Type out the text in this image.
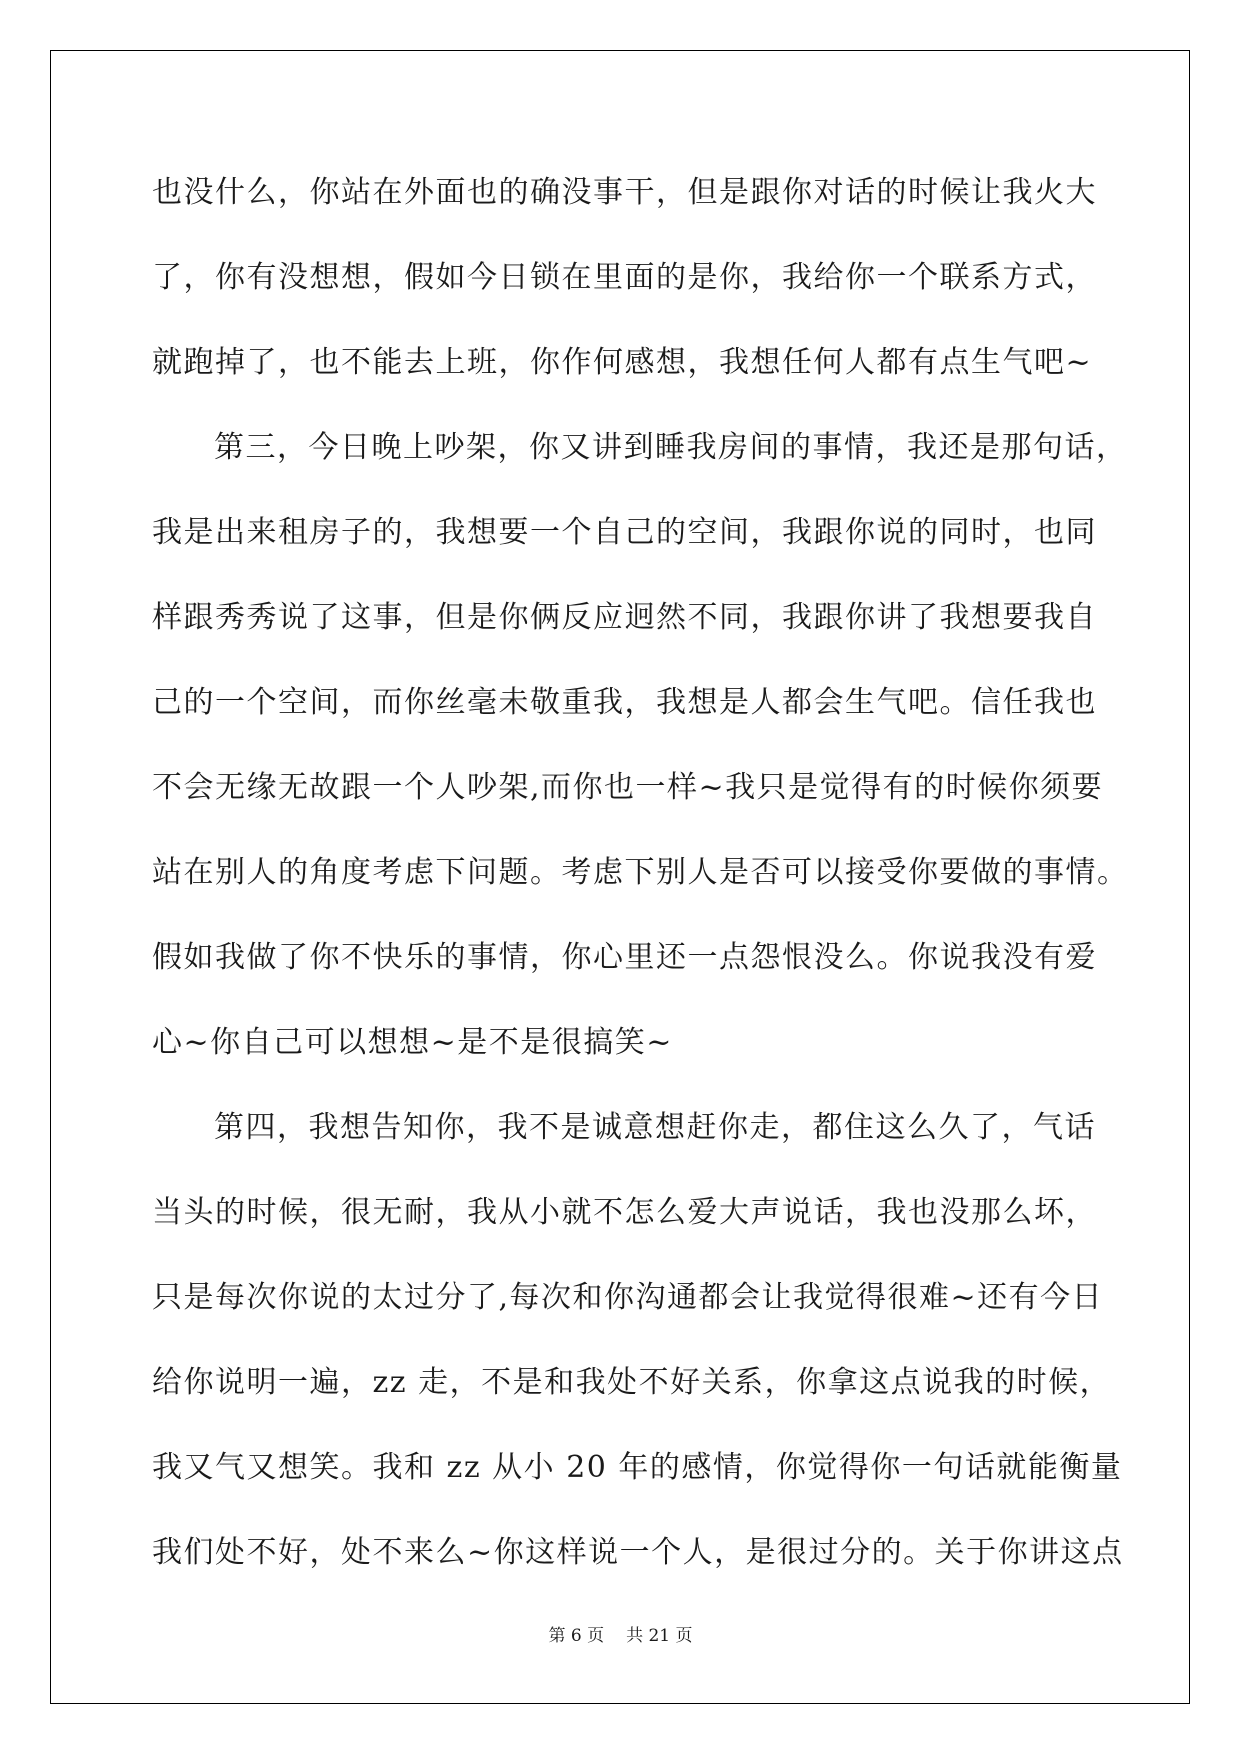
也没什么，你站在外面也的确没事干，但是跟你对话的时候让我火大
了，你有没想想，假如今日锁在里面的是你，我给你一个联系方式，
就跑掉了，也不能去上班，你作何感想，我想任何人都有点生气吧~
第三，今日晚上吵架，你又讲到睡我房间的事情，我还是那句话，
我是出来租房子的，我想要一个自己的空间，我跟你说的同时，也同
样跟秀秀说了这事，但是你俩反应迥然不同，我跟你讲了我想要我自
己的一个空间，而你丝毫未敬重我，我想是人都会生气吧。信任我也
不会无缘无故跟一个人吵架,而你也一样~我只是觉得有的时候你须要
站在别人的角度考虑下问题。考虑下别人是否可以接受你要做的事情。
假如我做了你不快乐的事情，你心里还一点怨恨没么。你说我没有爱
心~你自己可以想想~是不是很搞笑~
第四，我想告知你，我不是诚意想赶你走，都住这么久了，气话
当头的时候，很无耐，我从小就不怎么爱大声说话，我也没那么坏，
只是每次你说的太过分了,每次和你沟通都会让我觉得很难~还有今日
给你说明一遍，zz 走，不是和我处不好关系，你拿这点说我的时候，
我又气又想笑。我和 zz 从小 20 年的感情，你觉得你一句话就能衡量
我们处不好，处不来么~你这样说一个人，是很过分的。关于你讲这点
第 6 页 共 21 页
